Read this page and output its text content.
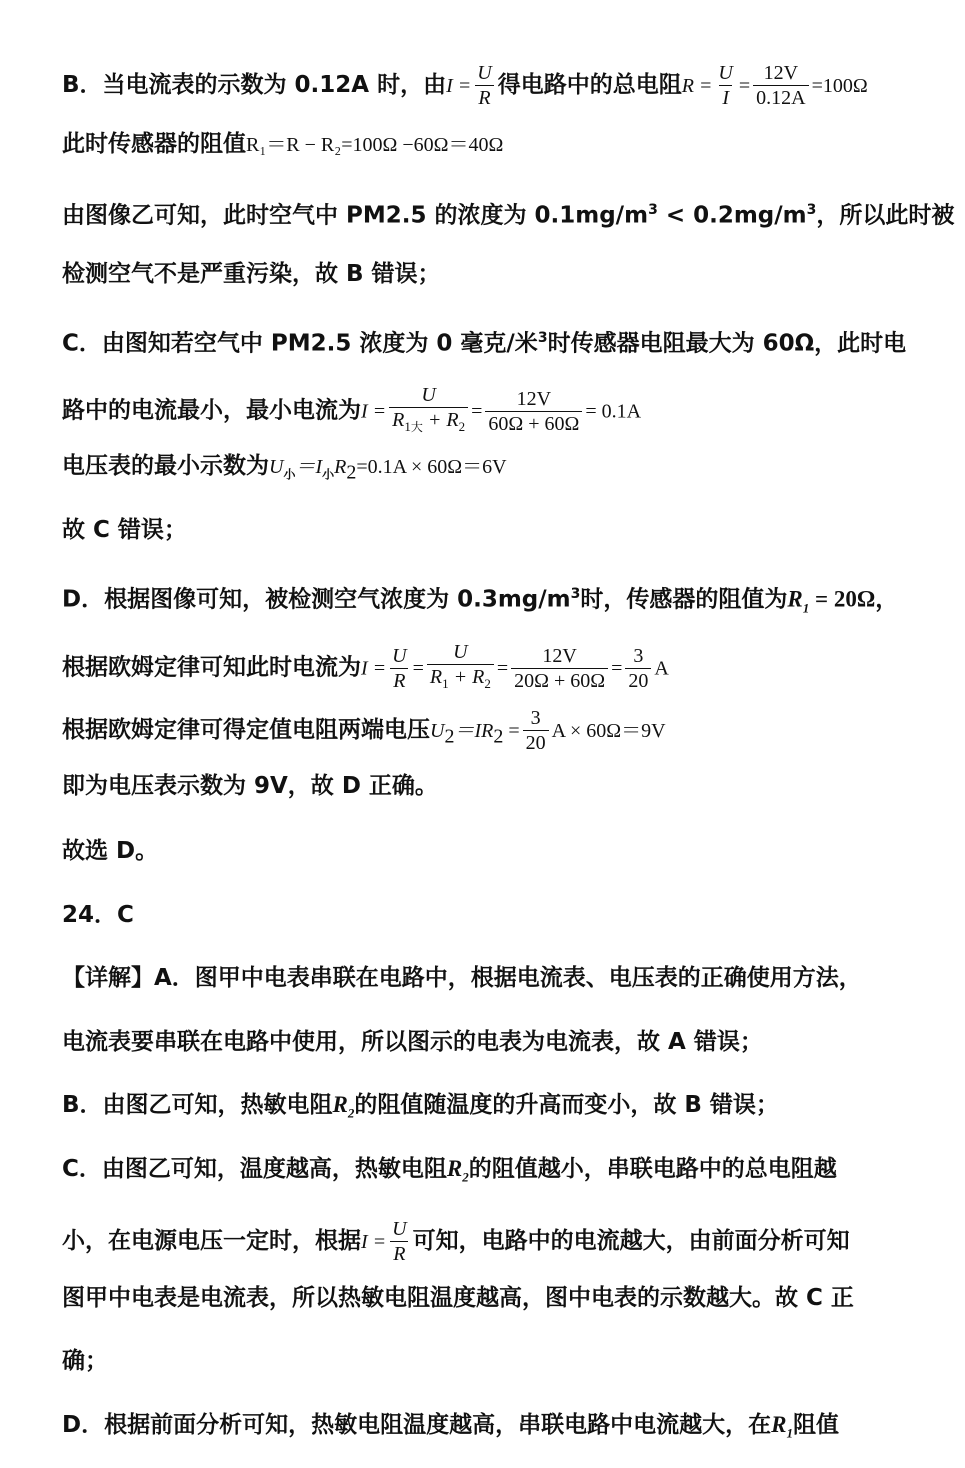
B．当电流表的示数为 0.12A 时，由$I = \frac{U}{R}$ 得电路中的总电阻$R = \frac{U}{I} = \frac{12V}{0.12A} =100\Omega$
此时传感器的阻值R₁＝R − R₂=100Ω −60Ω＝40Ω
由图像乙可知，此时空气中 PM2.5 的浓度为 $0.1mg/m^3 < 0.2mg/m^3$，所以此时被
检测空气不是严重污染，故 B 错误；
C．由图知若空气中 PM2.5 浓度为 0 毫克/米$^3$时传感器电阻最大为 60Ω，此时电
路中的电流最小，最小电流为$I = \frac{U}{R_{1大} + R_2} = \frac{12V}{60\Omega + 60\Omega} = 0.1A$
电压表的最小示数为$U_小=I_小R_2=0.1A \times 60\Omega=6V$
故 C 错误；
D．根据图像可知，被检测空气浓度为 $0.3mg/m^3$时，传感器的阻值为$R_1 = 20\Omega$，
根据欧姆定律可知此时电流为$I = \frac{U}{R} = \frac{U}{R_1 + R_2} = \frac{12V}{20\Omega + 60\Omega} = \frac{3}{20}$ A
根据欧姆定律可得定值电阻两端电压$U_2=IR_2 = \frac{3}{20}$ A × 60Ω＝9V
即为电压表示数为 9V，故 D 正确。
故选 D。
24．C
【详解】A．图甲中电表串联在电路中，根据电流表、电压表的正确使用方法，
电流表要串联在电路中使用，所以图示的电表为电流表，故 A 错误；
B．由图乙可知，热敏电阻$R_2$的阻值随温度的升高而变小，故 B 错误；
C．由图乙可知，温度越高，热敏电阻$R_2$的阻值越小，串联电路中的总电阻越
小，在电源电压一定时，根据$I = \frac{U}{R}$ 可知，电路中的电流越大，由前面分析可知
图甲中电表是电流表，所以热敏电阻温度越高，图中电表的示数越大。故 C 正
确；
D．根据前面分析可知，热敏电阻温度越高，串联电路中电流越大，在$R_1$阻值
